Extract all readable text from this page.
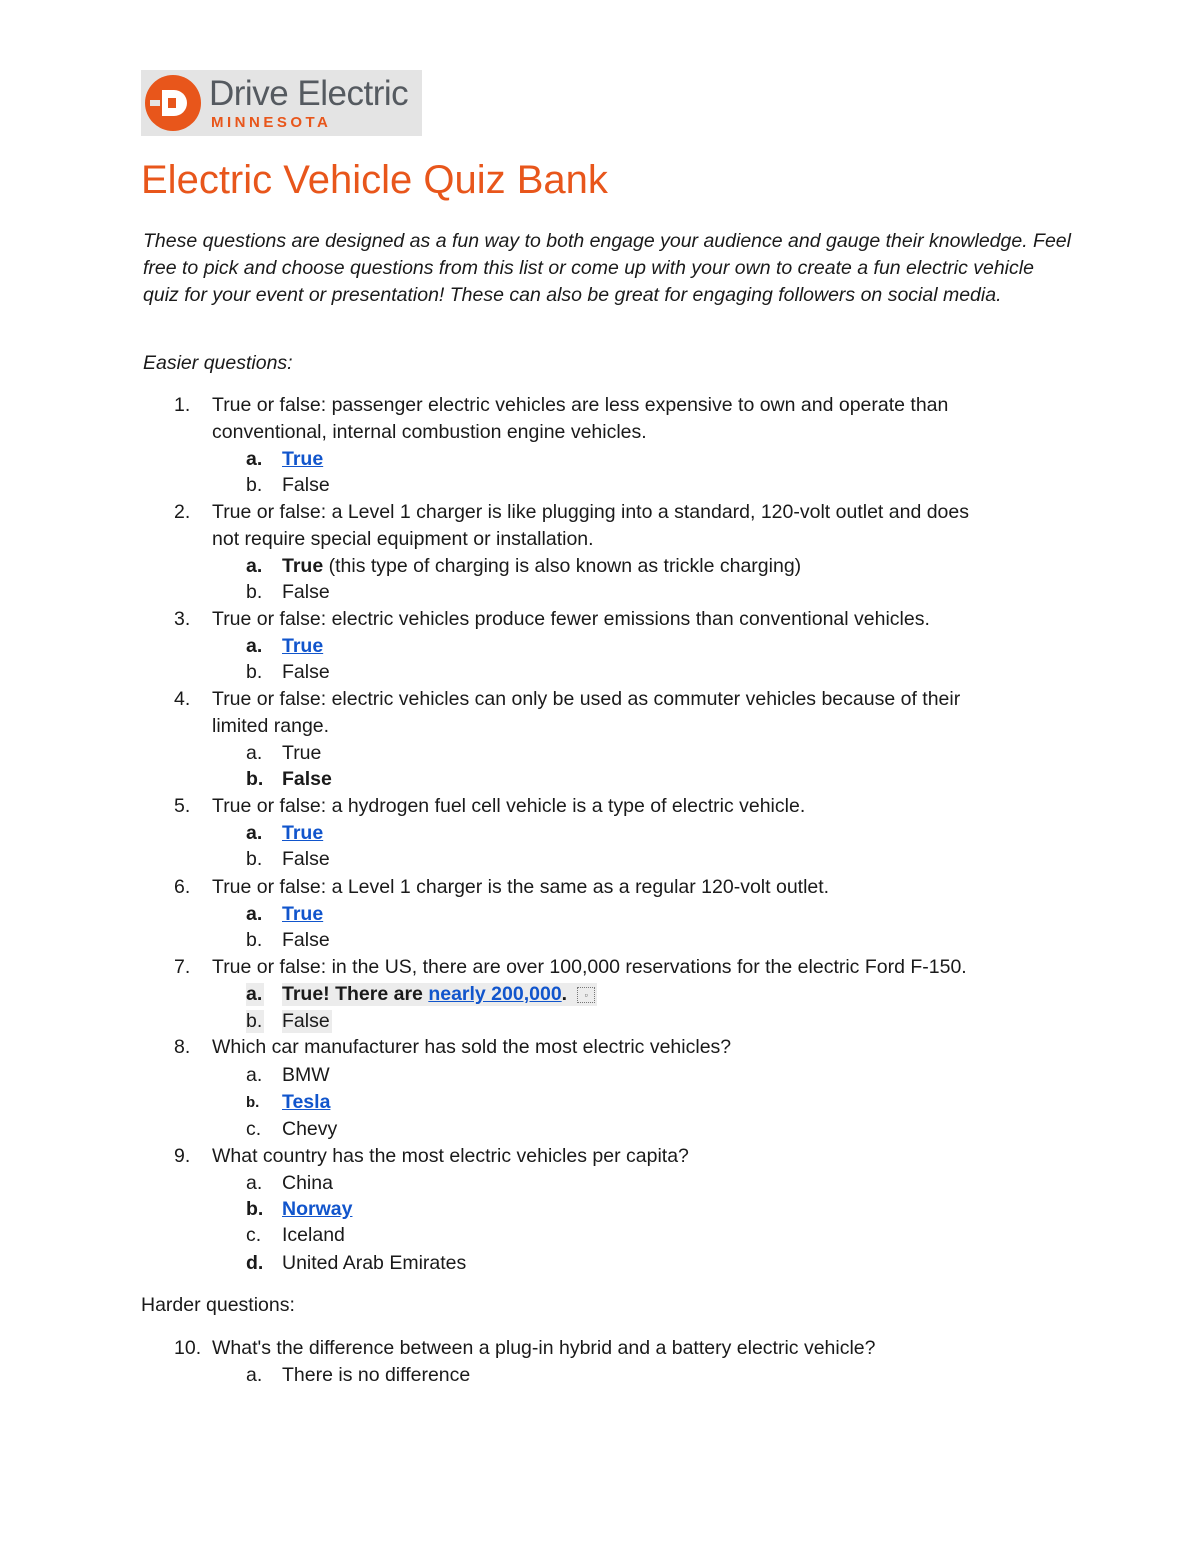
Drive Electric
MINNESOTA
Electric Vehicle Quiz Bank

These questions are designed as a fun way to both engage your audience and gauge their knowledge. Feel free to pick and choose questions from this list or come up with your own to create a fun electric vehicle quiz for your event or presentation! These can also be great for engaging followers on social media.

Easier questions:

1. True or false: passenger electric vehicles are less expensive to own and operate than
conventional, internal combustion engine vehicles.
a. True
b. False
2. True or false: a Level 1 charger is like plugging into a standard, 120-volt outlet and does
not require special equipment or installation.
a. True (this type of charging is also known as trickle charging)
b. False
3. True or false: electric vehicles produce fewer emissions than conventional vehicles.
a. True
b. False
4. True or false: electric vehicles can only be used as commuter vehicles because of their
limited range.
a. True
b. False
5. True or false: a hydrogen fuel cell vehicle is a type of electric vehicle.
a. True
b. False
6. True or false: a Level 1 charger is the same as a regular 120-volt outlet.
a. True
b. False
7. True or false: in the US, there are over 100,000 reservations for the electric Ford F-150.
a. True! There are nearly 200,000. ▫
b. False
8. Which car manufacturer has sold the most electric vehicles?
a. BMW
b. Tesla
c. Chevy
9. What country has the most electric vehicles per capita?
a. China
b. Norway
c. Iceland
d. United Arab Emirates
10. What's the difference between a plug-in hybrid and a battery electric vehicle?
a. There is no difference

Harder questions:
